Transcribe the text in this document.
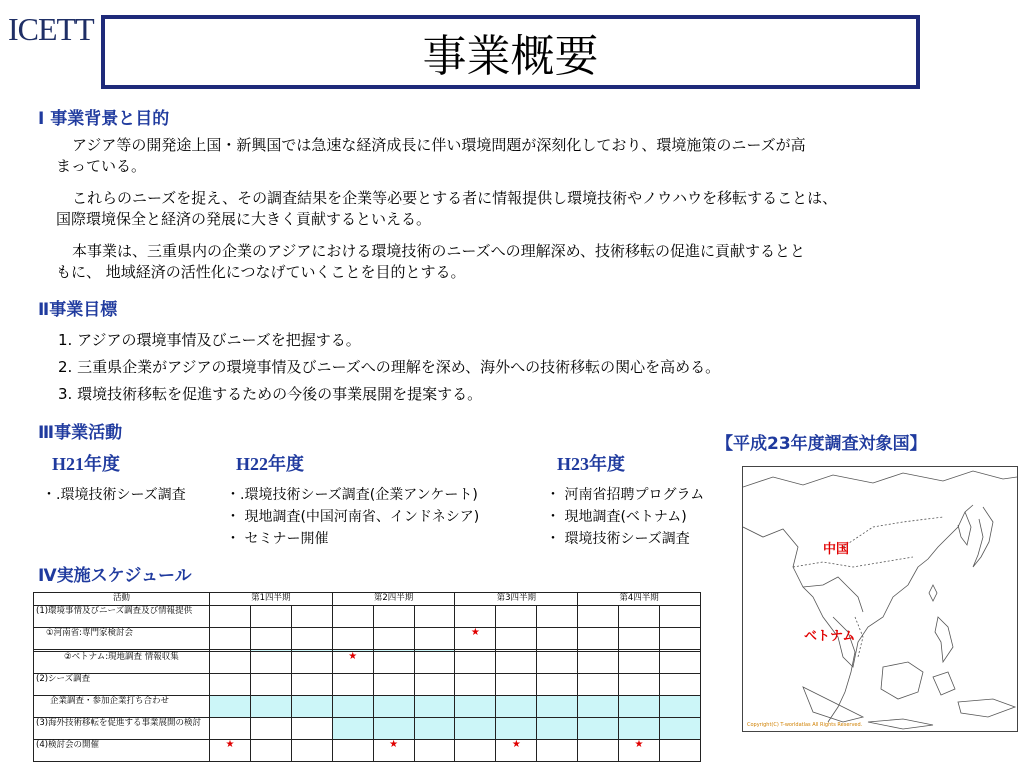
ICETT
事業概要
Ⅰ 事業背景と目的
アジア等の開発途上国・新興国では急速な経済成長に伴い環境問題が深刻化しており、環境施策のニーズが高
まっている。
これらのニーズを捉え、その調査結果を企業等必要とする者に情報提供し環境技術やノウハウを移転することは、
国際環境保全と経済の発展に大きく貢献するといえる。
本事業は、三重県内の企業のアジアにおける環境技術のニーズへの理解深め、技術移転の促進に貢献するとと
もに、 地域経済の活性化につなげていくことを目的とする。
Ⅱ事業目標
1. アジアの環境事情及びニーズを把握する。
2. 三重県企業がアジアの環境事情及びニーズへの理解を深め、海外への技術移転の関心を高める。
3. 環境技術移転を促進するための今後の事業展開を提案する。
Ⅲ事業活動
H21年度	H22年度	H23年度
・.環境技術シーズ調査	・.環境技術シーズ調査(企業アンケート)
・ 現地調査(中国河南省、インドネシア)
・ セミナー開催
・ 河南省招聘プログラム
・ 現地調査(ベトナム)
・ 環境技術シーズ調査
【平成23年度調査対象国】
中国
ベトナム
Copyright(C) T-worldatlas All Rights Reserved.
Ⅳ実施スケジュール
活動	第1四半期			第2四半期			第3四半期			第4四半期		
(1)環境事情及びニーズ調査及び情報提供												
①河南省:専門家検討会							★					

②ベトナム:現地調査 情報収集				★								
(2)シーズ調査												
企業調査・参加企業打ち合わせ												
(3)海外技術移転を促進する事業展開の検討												
(4)検討会の開催	★				★			★			★	
